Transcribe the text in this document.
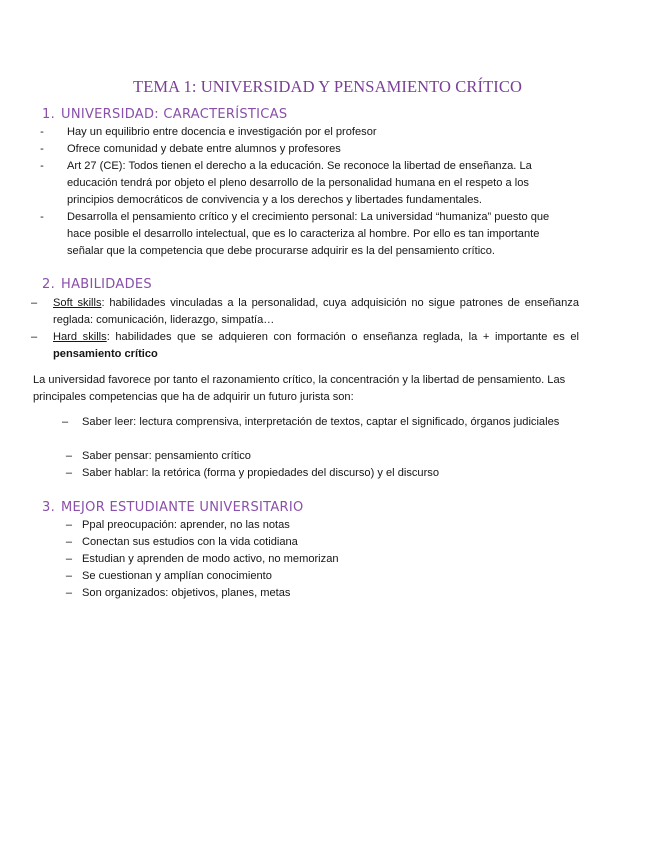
TEMA 1: UNIVERSIDAD Y PENSAMIENTO CRÍTICO
1. UNIVERSIDAD: CARACTERÍSTICAS
-	Hay un equilibrio entre docencia e investigación por el profesor
-	Ofrece comunidad y debate entre alumnos y profesores
-	Art 27 (CE): Todos tienen el derecho a la educación. Se reconoce la libertad de enseñanza. La educación tendrá por objeto el pleno desarrollo de la personalidad humana en el respeto a los principios democráticos de convivencia y a los derechos y libertades fundamentales.
-	Desarrolla el pensamiento crítico y el crecimiento personal: La universidad “humaniza” puesto que hace posible el desarrollo intelectual, que es lo caracteriza al hombre. Por ello es tan importante señalar que la competencia que debe procurarse adquirir es la del pensamiento crítico.
2. HABILIDADES
–	Soft skills: habilidades vinculadas a la personalidad, cuya adquisición no sigue patrones de enseñanza reglada: comunicación, liderazgo, simpatía…
–	Hard skills: habilidades que se adquieren con formación o enseñanza reglada, la + importante es el pensamiento crítico
La universidad favorece por tanto el razonamiento crítico, la concentración y la libertad de pensamiento. Las principales competencias que ha de adquirir un futuro jurista son:
–	Saber leer: lectura comprensiva, interpretación de textos, captar el significado, órganos judiciales
– Saber pensar: pensamiento crítico
– Saber hablar: la retórica (forma y propiedades del discurso) y el discurso
3. MEJOR ESTUDIANTE UNIVERSITARIO
– Ppal preocupación: aprender, no las notas
– Conectan sus estudios con la vida cotidiana
– Estudian y aprenden de modo activo, no memorizan
– Se cuestionan y amplían conocimiento
– Son organizados: objetivos, planes, metas
